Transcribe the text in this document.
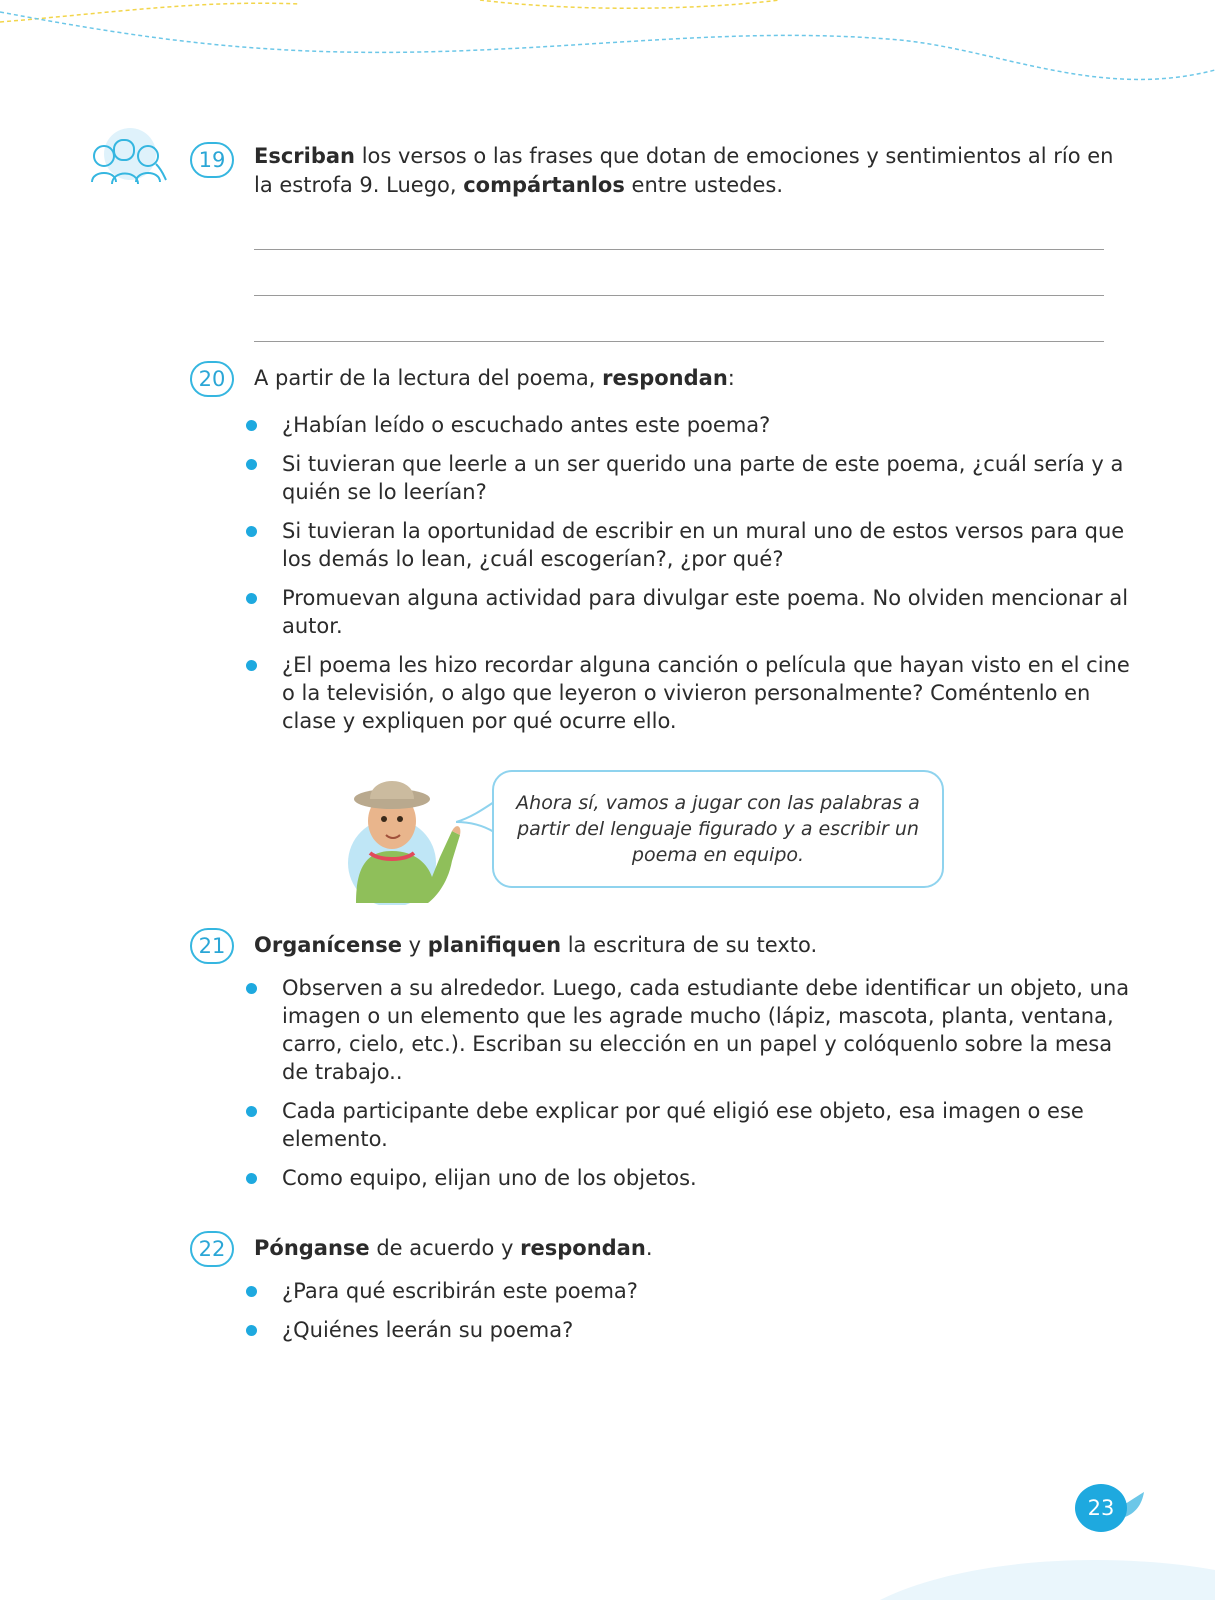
19	Escriban los versos o las frases que dotan de emociones y sentimientos al río en la estrofa 9. Luego, compártanlos entre ustedes.
20	A partir de la lectura del poema, respondan:
¿Habían leído o escuchado antes este poema?
Si tuvieran que leerle a un ser querido una parte de este poema, ¿cuál sería y a quién se lo leerían?
Si tuvieran la oportunidad de escribir en un mural uno de estos versos para que los demás lo lean, ¿cuál escogerían?, ¿por qué?
Promuevan alguna actividad para divulgar este poema. No olviden mencionar al autor.
¿El poema les hizo recordar alguna canción o película que hayan visto en el cine o la televisión, o algo que leyeron o vivieron personalmente? Coméntenlo en clase y expliquen por qué ocurre ello.
Ahora sí, vamos a jugar con las palabras a partir del lenguaje figurado y a escribir un poema en equipo.
21	Organícense y planifiquen la escritura de su texto.
Observen a su alrededor. Luego, cada estudiante debe identificar un objeto, una imagen o un elemento que les agrade mucho (lápiz, mascota, planta, ventana, carro, cielo, etc.). Escriban su elección en un papel y colóquenlo sobre la mesa de trabajo..
Cada participante debe explicar por qué eligió ese objeto, esa imagen o ese elemento.
Como equipo, elijan uno de los objetos.
22	Pónganse de acuerdo y respondan.
¿Para qué escribirán este poema?
¿Quiénes leerán su poema?
23
